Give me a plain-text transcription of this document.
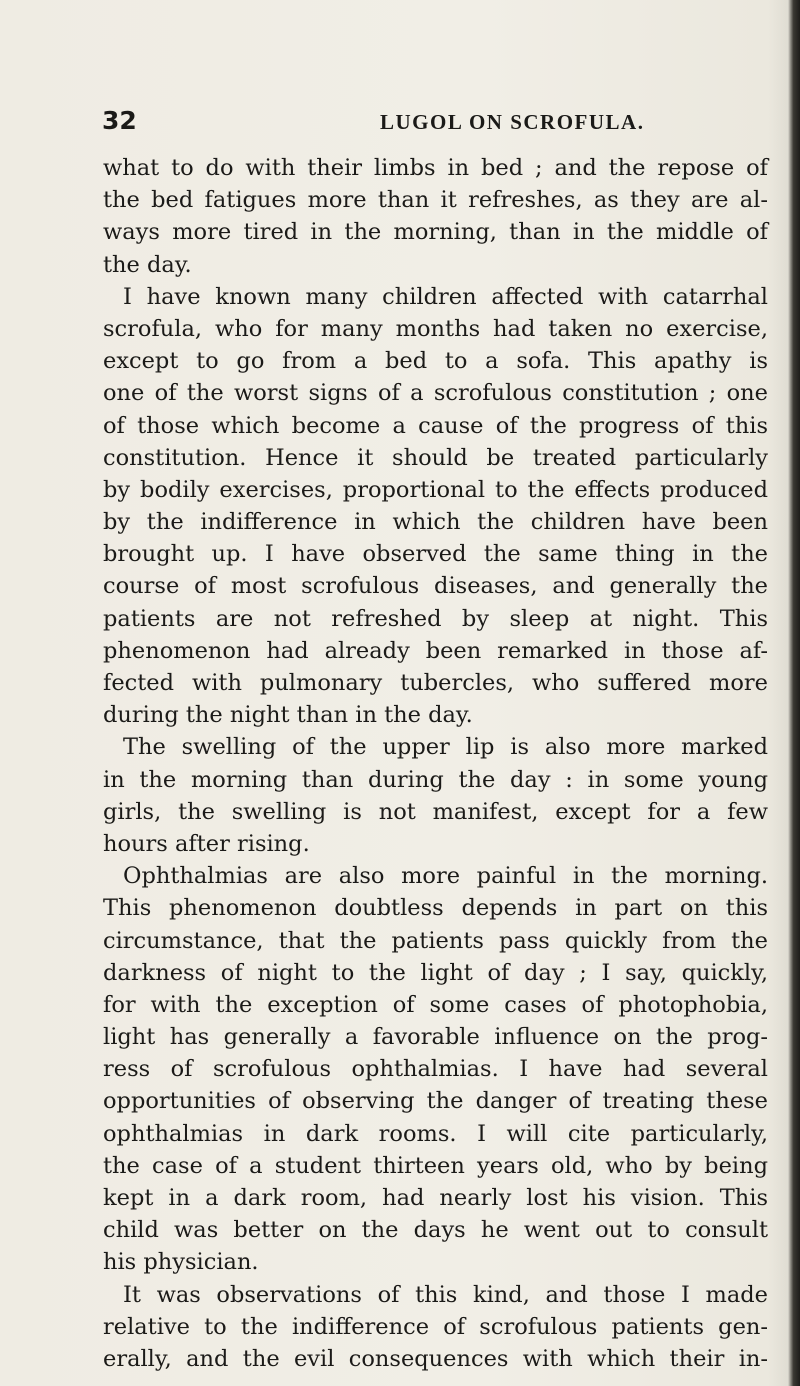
32	LUGOL ON SCROFULA.
what to do with their limbs in bed ; and the repose of
the bed fatigues more than it refreshes, as they are al-
ways more tired in the morning, than in the middle of
the day.
I have known many children affected with catarrhal
scrofula, who for many months had taken no exercise,
except to go from a bed to a sofa. This apathy is
one of the worst signs of a scrofulous constitution ; one
of those which become a cause of the progress of this
constitution. Hence it should be treated particularly
by bodily exercises, proportional to the effects produced
by the indifference in which the children have been
brought up. I have observed the same thing in the
course of most scrofulous diseases, and generally the
patients are not refreshed by sleep at night. This
phenomenon had already been remarked in those af-
fected with pulmonary tubercles, who suffered more
during the night than in the day.
The swelling of the upper lip is also more marked
in the morning than during the day : in some young
girls, the swelling is not manifest, except for a few
hours after rising.
Ophthalmias are also more painful in the morning.
This phenomenon doubtless depends in part on this
circumstance, that the patients pass quickly from the
darkness of night to the light of day ; I say, quickly,
for with the exception of some cases of photophobia,
light has generally a favorable influence on the prog-
ress of scrofulous ophthalmias. I have had several
opportunities of observing the danger of treating these
ophthalmias in dark rooms. I will cite particularly,
the case of a student thirteen years old, who by being
kept in a dark room, had nearly lost his vision. This
child was better on the days he went out to consult
his physician.
It was observations of this kind, and those I made
relative to the indifference of scrofulous patients gen-
erally, and the evil consequences with which their in-
